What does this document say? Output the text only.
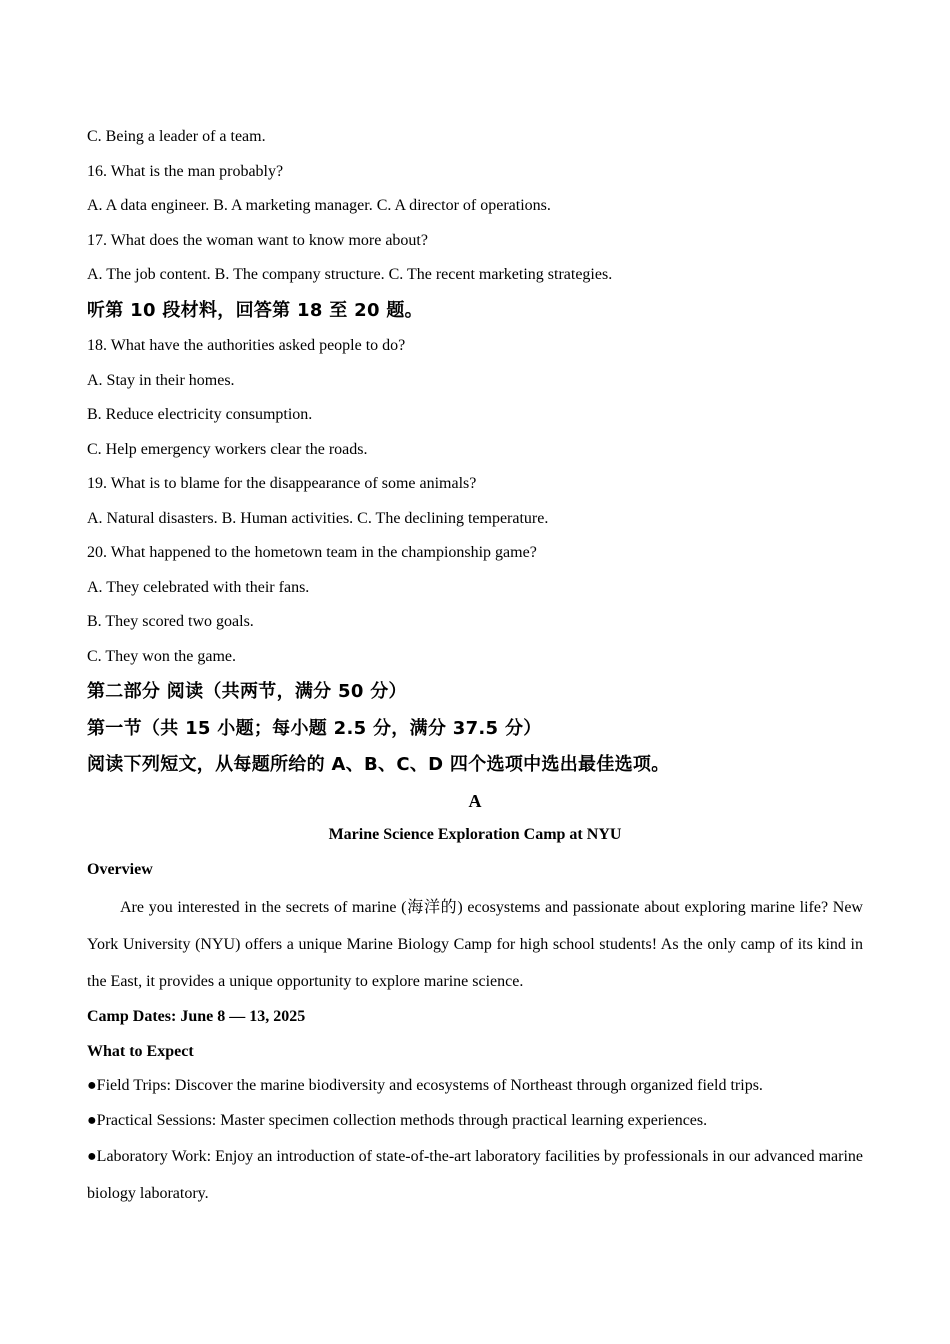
C. Being a leader of a team.
16. What is the man probably?
A. A data engineer. B. A marketing manager. C. A director of operations.
17. What does the woman want to know more about?
A. The job content. B. The company structure. C. The recent marketing strategies.
听第 10 段材料，回答第 18 至 20 题。
18. What have the authorities asked people to do?
A. Stay in their homes.
B. Reduce electricity consumption.
C. Help emergency workers clear the roads.
19. What is to blame for the disappearance of some animals?
A. Natural disasters. B. Human activities. C. The declining temperature.
20. What happened to the hometown team in the championship game?
A. They celebrated with their fans.
B. They scored two goals.
C. They won the game.
第二部分 阅读（共两节，满分 50 分）
第一节（共 15 小题；每小题 2.5 分，满分 37.5 分）
阅读下列短文，从每题所给的 A、B、C、D 四个选项中选出最佳选项。
A
Marine Science Exploration Camp at NYU
Overview

Are you interested in the secrets of marine (海洋的) ecosystems and passionate about exploring marine life? New York University (NYU) offers a unique Marine Biology Camp for high school students! As the only camp of its kind in the East, it provides a unique opportunity to explore marine science.

Camp Dates: June 8 — 13, 2025
What to Expect
●Field Trips: Discover the marine biodiversity and ecosystems of Northeast through organized field trips.
●Practical Sessions: Master specimen collection methods through practical learning experiences.

●Laboratory Work: Enjoy an introduction of state-of-the-art laboratory facilities by professionals in our advanced marine biology laboratory.
